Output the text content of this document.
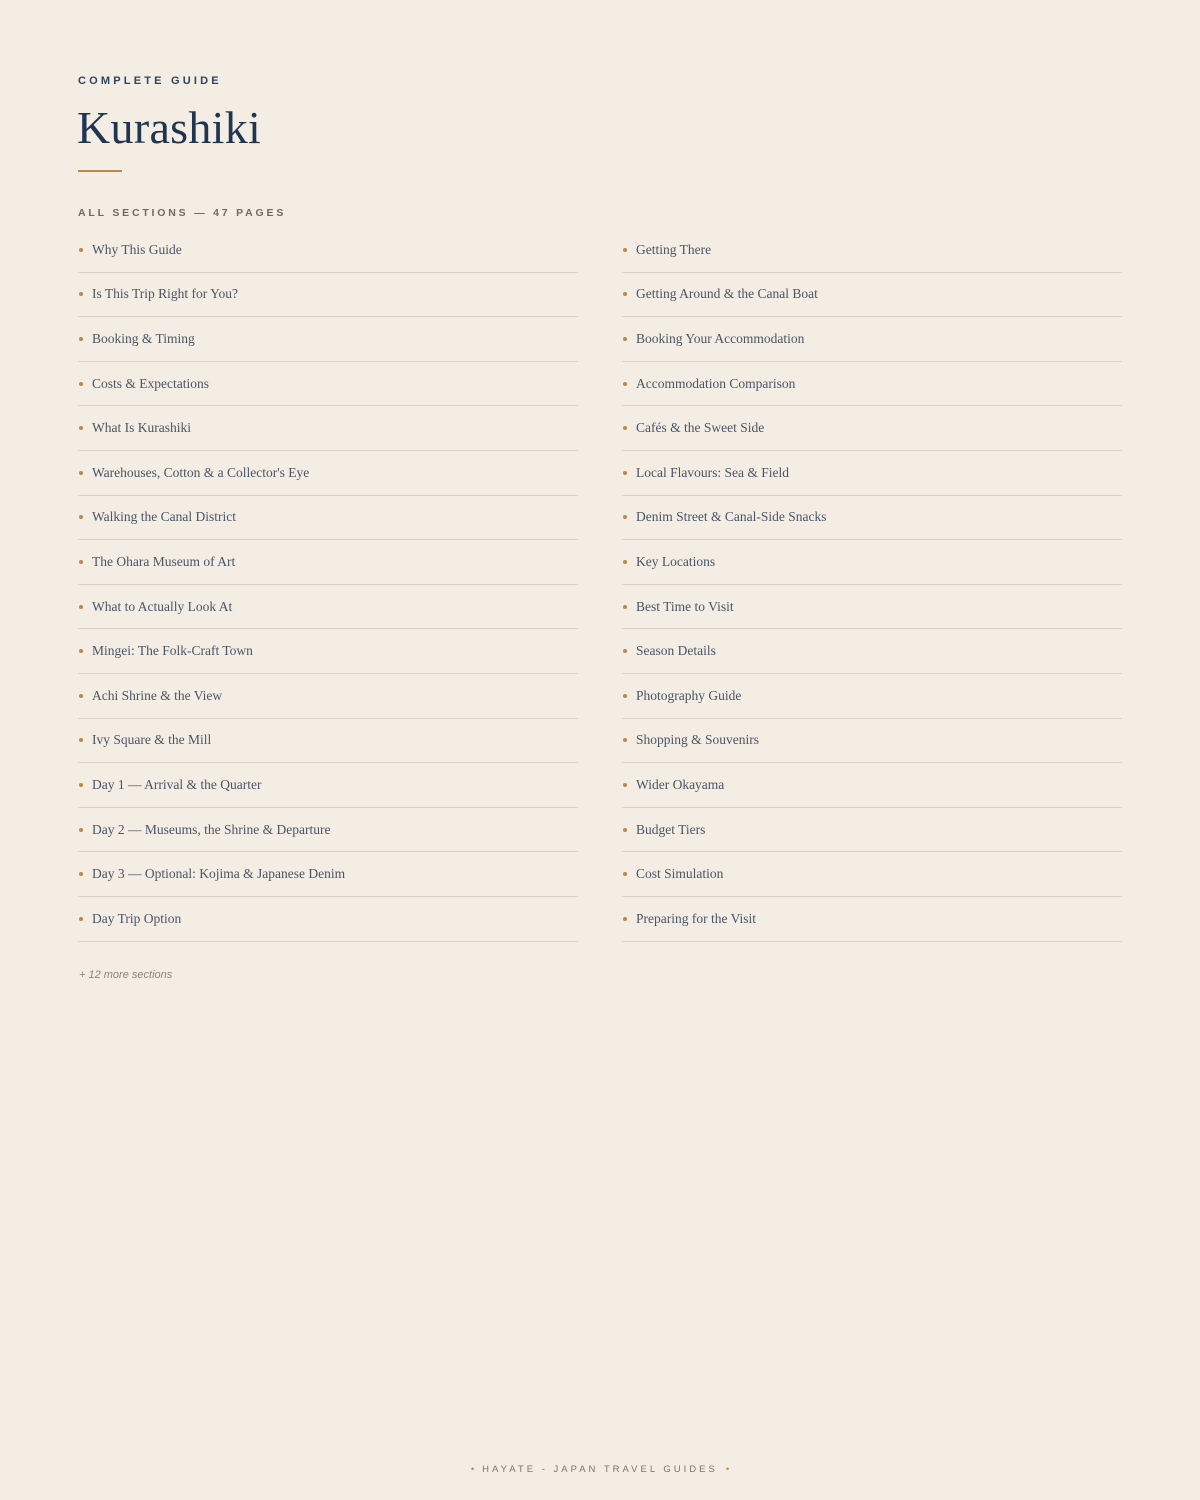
COMPLETE GUIDE
Kurashiki
ALL SECTIONS — 47 PAGES
Why This Guide
Is This Trip Right for You?
Booking & Timing
Costs & Expectations
What Is Kurashiki
Warehouses, Cotton & a Collector's Eye
Walking the Canal District
The Ohara Museum of Art
What to Actually Look At
Mingei: The Folk-Craft Town
Achi Shrine & the View
Ivy Square & the Mill
Day 1 — Arrival & the Quarter
Day 2 — Museums, the Shrine & Departure
Day 3 — Optional: Kojima & Japanese Denim
Day Trip Option
Getting There
Getting Around & the Canal Boat
Booking Your Accommodation
Accommodation Comparison
Cafés & the Sweet Side
Local Flavours: Sea & Field
Denim Street & Canal-Side Snacks
Key Locations
Best Time to Visit
Season Details
Photography Guide
Shopping & Souvenirs
Wider Okayama
Budget Tiers
Cost Simulation
Preparing for the Visit
+ 12 more sections
• HAYATE - JAPAN TRAVEL GUIDES •
